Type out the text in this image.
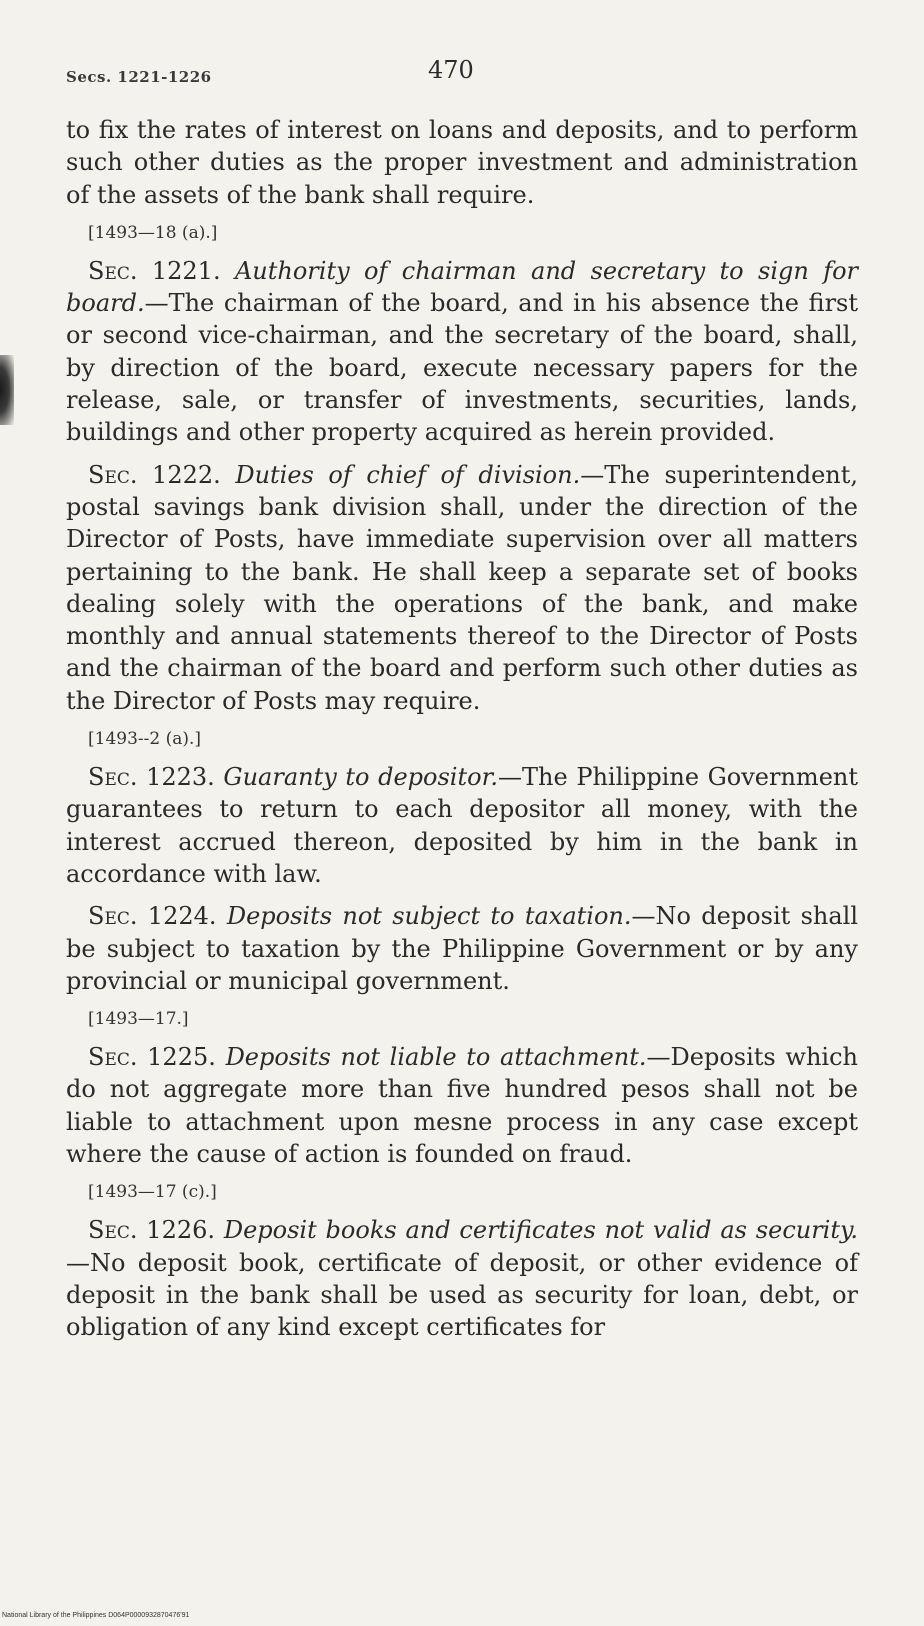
Secs. 1221-1226	470

to fix the rates of interest on loans and deposits, and to perform such other duties as the proper investment and administration of the assets of the bank shall require.

[1493—18 (a).]

Sec. 1221. Authority of chairman and secretary to sign for board.—The chairman of the board, and in his absence the first or second vice-chairman, and the secretary of the board, shall, by direction of the board, execute necessary papers for the release, sale, or transfer of investments, securities, lands, buildings and other property acquired as herein provided.

Sec. 1222. Duties of chief of division.—The superintendent, postal savings bank division shall, under the direction of the Director of Posts, have immediate supervision over all matters pertaining to the bank. He shall keep a separate set of books dealing solely with the operations of the bank, and make monthly and annual statements thereof to the Director of Posts and the chairman of the board and perform such other duties as the Director of Posts may require.

[1493--2 (a).]

Sec. 1223. Guaranty to depositor.—The Philippine Government guarantees to return to each depositor all money, with the interest accrued thereon, deposited by him in the bank in accordance with law.

Sec. 1224. Deposits not subject to taxation.—No deposit shall be subject to taxation by the Philippine Government or by any provincial or municipal government.

[1493—17.]

Sec. 1225. Deposits not liable to attachment.—Deposits which do not aggregate more than five hundred pesos shall not be liable to attachment upon mesne process in any case except where the cause of action is founded on fraud.

[1493—17 (c).]

Sec. 1226. Deposit books and certificates not valid as security.—No deposit book, certificate of deposit, or other evidence of deposit in the bank shall be used as security for loan, debt, or obligation of any kind except certificates for

National Library of the Philippines D064P0000932870476'91
